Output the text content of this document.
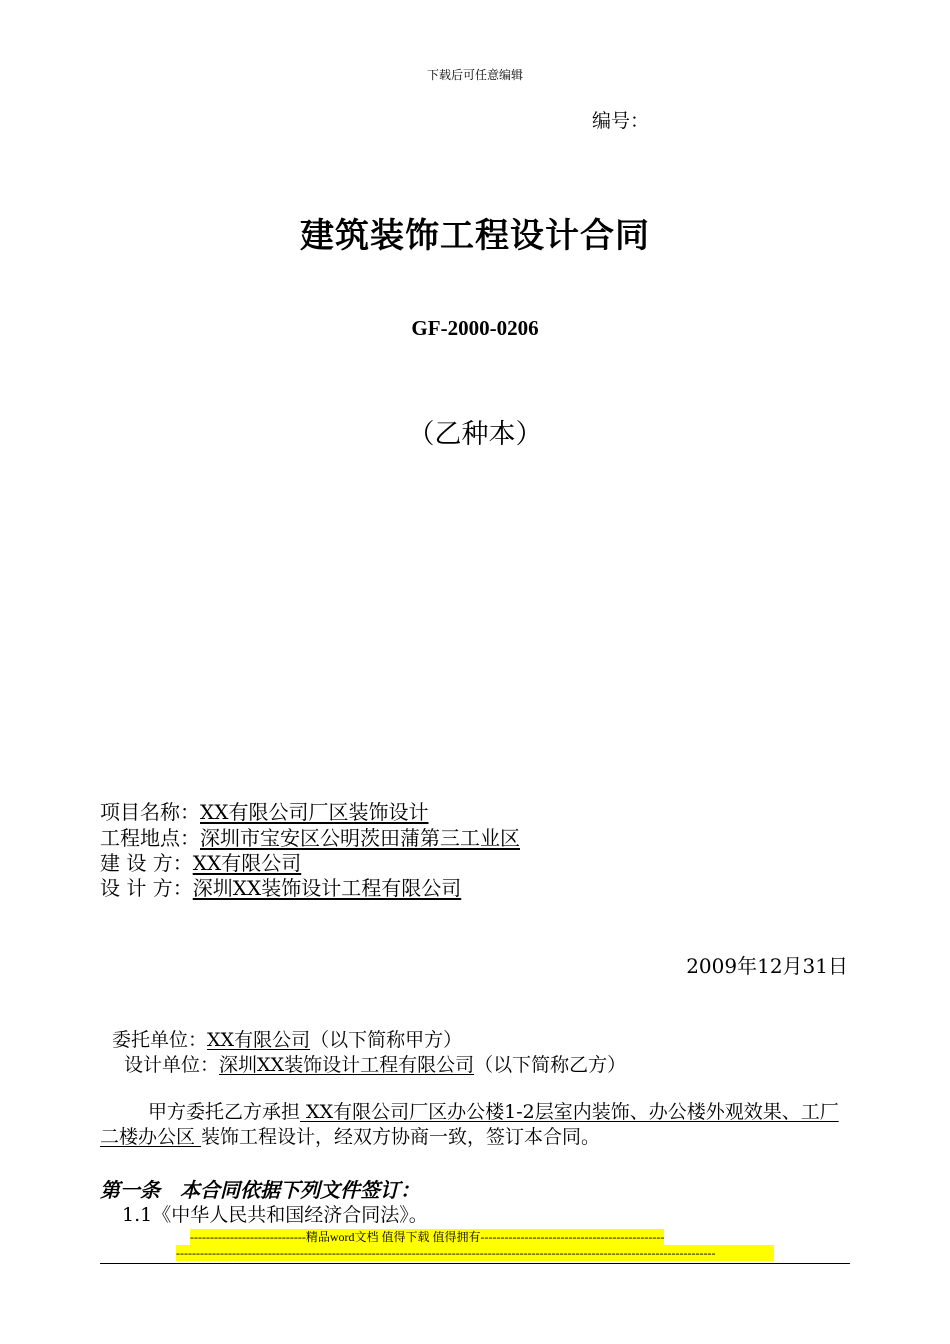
下载后可任意编辑
编号：
建筑装饰工程设计合同
GF-2000-0206
（乙种本）
项目名称：XX有限公司厂区装饰设计
工程地点：深圳市宝安区公明茨田蒲第三工业区
建 设 方：XX有限公司
设 计 方：深圳XX装饰设计工程有限公司
2009年12月31日
委托单位：XX有限公司（以下简称甲方）
设计单位：深圳XX装饰设计工程有限公司（以下简称乙方）
甲方委托乙方承担 XX有限公司厂区办公楼1-2层室内装饰、办公楼外观效果、工厂二楼办公区 装饰工程设计，经双方协商一致，签订本合同。
第一条　本合同依据下列文件签订：
1.1《中华人民共和国经济合同法》。
-----------------------------精品word文档 值得下载 值得拥有----------------------------------------------
---------------------------------------------------------------------------------------------------------------------------------------
